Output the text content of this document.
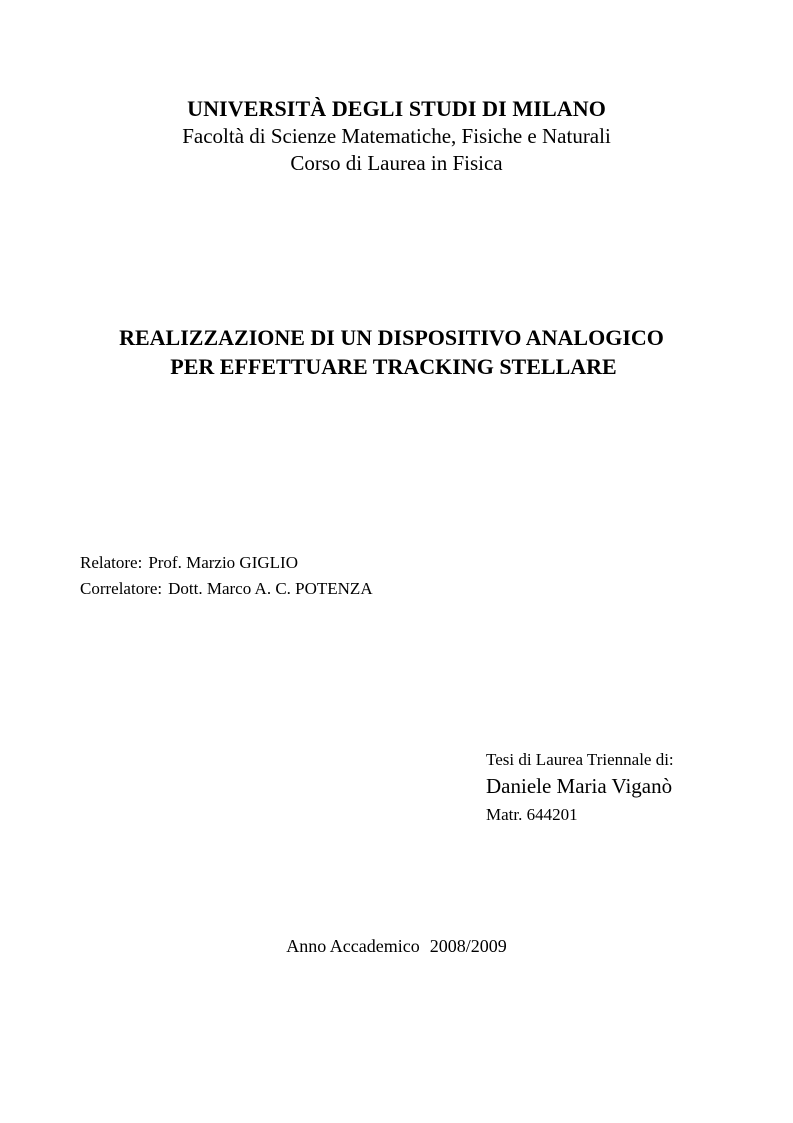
UNIVERSITÀ DEGLI STUDI DI MILANO
Facoltà di Scienze Matematiche, Fisiche e Naturali
Corso di Laurea in Fisica
REALIZZAZIONE DI UN DISPOSITIVO ANALOGICO
PER EFFETTUARE TRACKING STELLARE
Relatore: Prof. Marzio GIGLIO
Correlatore: Dott. Marco A. C. POTENZA
Tesi di Laurea Triennale di:
Daniele Maria Viganò
Matr. 644201
Anno Accademico 2008/2009
